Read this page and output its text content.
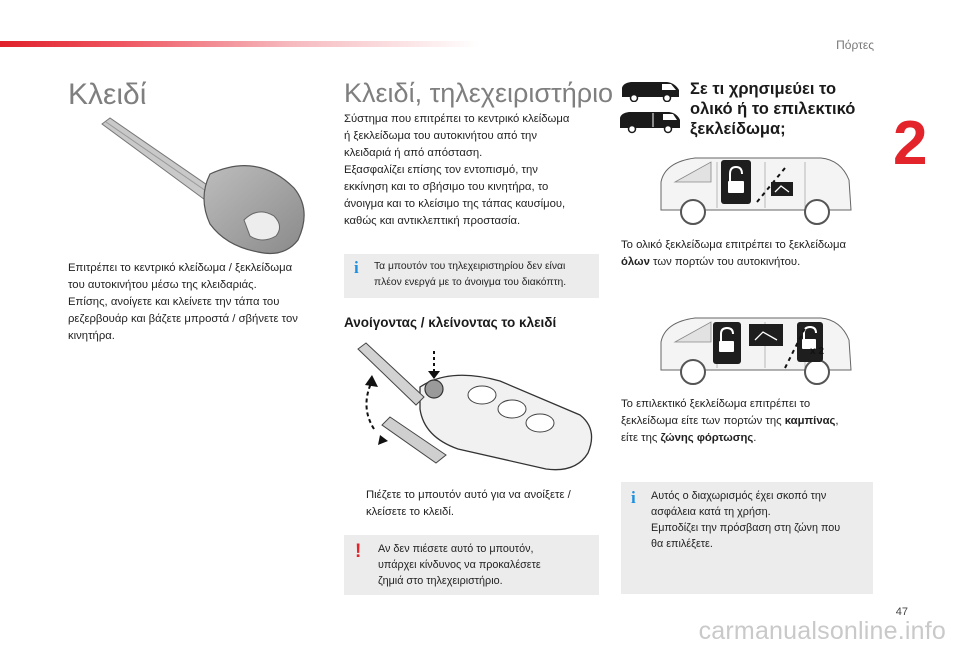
Πόρτες
2
Κλειδί

Επιτρέπει το κεντρικό κλείδωμα / ξεκλείδωμα

του αυτοκινήτου μέσω της κλειδαριάς.

Επίσης, ανοίγετε και κλείνετε την τάπα του

ρεζερβουάρ και βάζετε μπροστά / σβήνετε τον

κινητήρα.

Κλειδί, τηλεχειριστήριο

Σύστημα που επιτρέπει το κεντρικό κλείδωμα

ή ξεκλείδωμα του αυτοκινήτου από την

κλειδαριά ή από απόσταση.

Εξασφαλίζει επίσης τον εντοπισμό, την

εκκίνηση και το σβήσιμο του κινητήρα, το

άνοιγμα και το κλείσιμο της τάπας καυσίμου,

καθώς και αντικλεπτική προστασία.

i Τα μπουτόν του τηλεχειριστηρίου δεν είναι
πλέον ενεργά με το άνοιγμα του διακόπτη.
Ανοίγοντας / κλείνοντας το κλειδί

Πιέζετε το μπουτόν αυτό για να ανοίξετε /

κλείσετε το κλειδί.

! Αν δεν πιέσετε αυτό το μπουτόν,
υπάρχει κίνδυνος να προκαλέσετε
ζημιά στο τηλεχειριστήριο.
Σε τι χρησιμεύει το
ολικό ή το επιλεκτικό
ξεκλείδωμα;

Το ολικό ξεκλείδωμα επιτρέπει το ξεκλείδωμα

όλων των πορτών του αυτοκινήτου.

x 2

Το επιλεκτικό ξεκλείδωμα επιτρέπει το

ξεκλείδωμα είτε των πορτών της καμπίνας,

είτε της ζώνης φόρτωσης.

i Αυτός ο διαχωρισμός έχει σκοπό την
ασφάλεια κατά τη χρήση.
Εμποδίζει την πρόσβαση στη ζώνη που
θα επιλέξετε.
47
carmanualsonline.info
